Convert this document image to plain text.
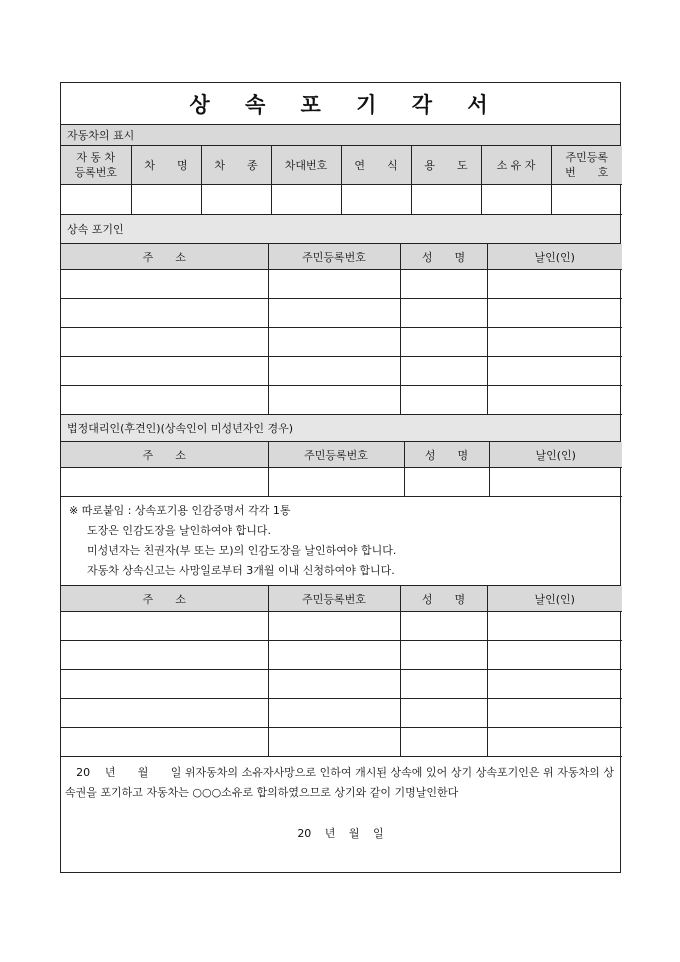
상 속 포 기 각 서
자동차의 표시
자 동 차
등록번호	차　　명	차　　종	차대번호	연　　식	용　　도	소 유 자	주민등록
번　　호

상속 포기인
주　　소	주민등록번호	성　　명	날인(인)

법정대리인(후견인)(상속인이 미성년자인 경우)
주　　소	주민등록번호	성　　명	날인(인)

※ 따로붙임 : 상속포기용 인감증명서 각각 1통
도장은 인감도장을 날인하여야 합니다.
미성년자는 친권자(부 또는 모)의 인감도장을 날인하여야 합니다.
자동차 상속신고는 사망일로부터 3개월 이내 신청하여야 합니다.
주　　소	주민등록번호	성　　명	날인(인)

　20　 년　　월　　일 위자동차의 소유자사망으로 인하여 개시된 상속에 있어 상기 상속포기인은 위 자동차의 상속권을 포기하고 자동차는 ○○○소유로 합의하였으므로 상기와 같이 기명날인한다
20 년 월 일
